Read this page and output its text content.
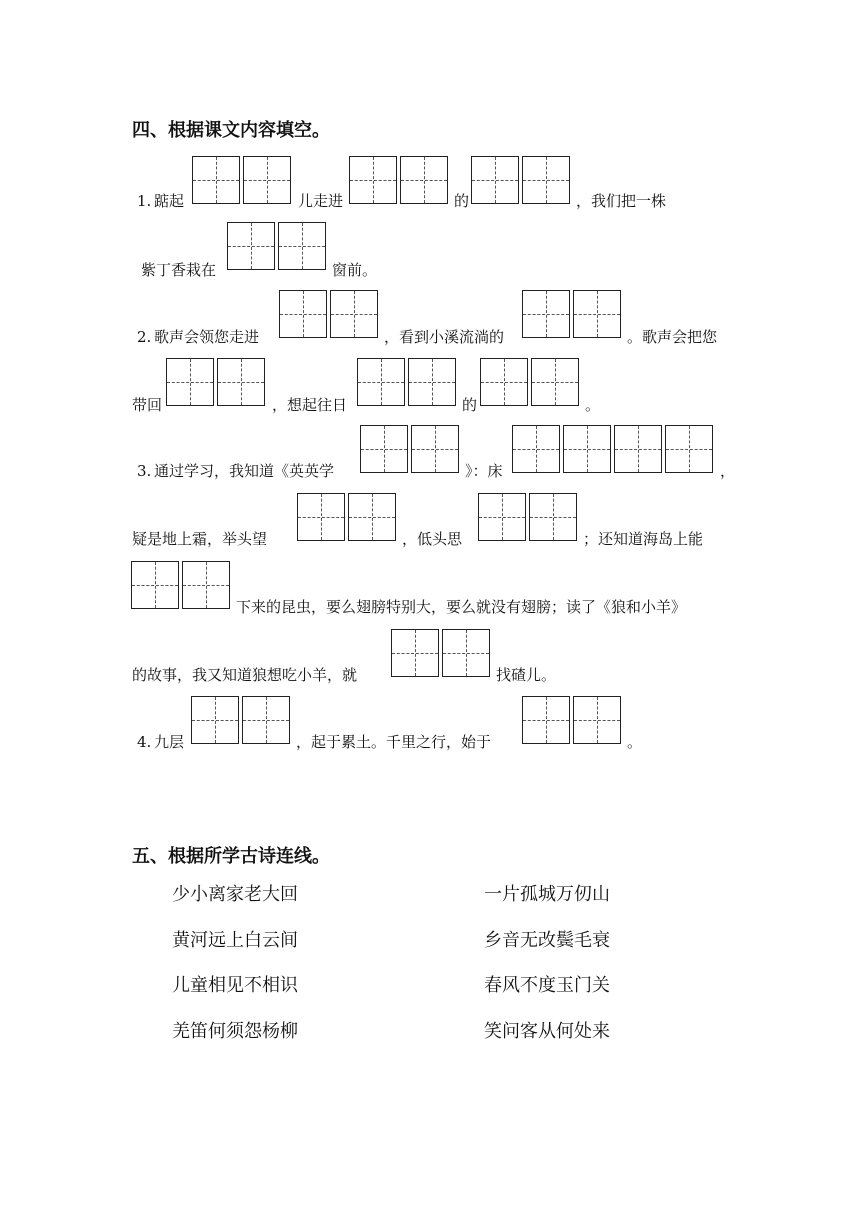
四、根据课文内容填空。
1. 踮起	儿走进	的	，我们把一株
紫丁香栽在	窗前。
2. 歌声会领您走进	，看到小溪流淌的	。歌声会把您
带回	，想起往日	的	。
3. 通过学习，我知道《英英学	》：床	，
疑是地上霜，举头望	，低头思	；还知道海岛上能
下来的昆虫，要么翅膀特别大，要么就没有翅膀；读了《狼和小羊》
的故事，我又知道狼想吃小羊，就	找碴儿。
4. 九层	，起于累土。千里之行，始于	。
五、根据所学古诗连线。
少小离家老大回
黄河远上白云间
儿童相见不相识
羌笛何须怨杨柳
一片孤城万仞山
乡音无改鬓毛衰
春风不度玉门关
笑问客从何处来
